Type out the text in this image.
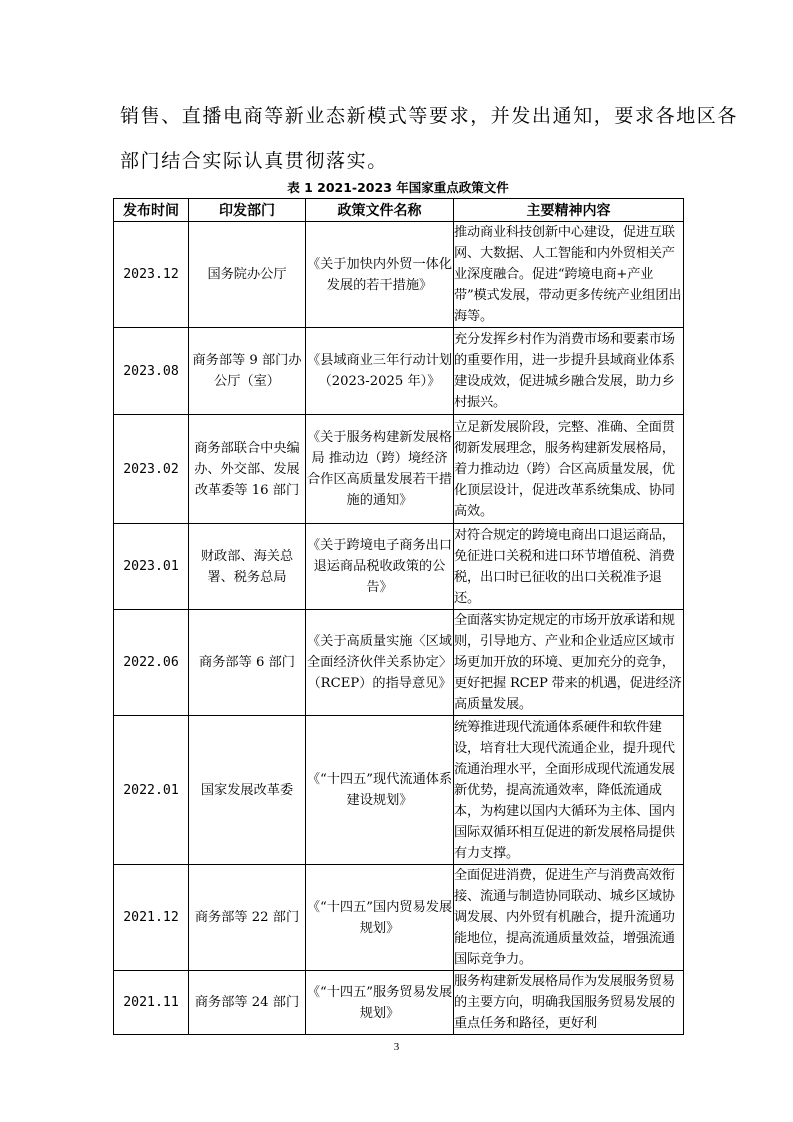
销售、直播电商等新业态新模式等要求，并发出通知，要求各地区各
部门结合实际认真贯彻落实。
表 1 2021-2023 年国家重点政策文件
发布时间	印发部门	政策文件名称	主要精神内容
2023.12	国务院办公厅	《关于加快内外贸一体化发展的若干措施》	推动商业科技创新中心建设，促进互联网、大数据、人工智能和内外贸相关产业深度融合。促进“跨境电商+产业带”模式发展，带动更多传统产业组团出海等。
2023.08	商务部等 9 部门办公厅（室）	《县域商业三年行动计划（2023-2025 年）》	充分发挥乡村作为消费市场和要素市场的重要作用，进一步提升县域商业体系建设成效，促进城乡融合发展，助力乡村振兴。
2023.02	商务部联合中央编办、外交部、发展改革委等 16 部门	《关于服务构建新发展格局 推动边（跨）境经济合作区高质量发展若干措施的通知》	立足新发展阶段，完整、准确、全面贯彻新发展理念，服务构建新发展格局，着力推动边（跨）合区高质量发展，优化顶层设计，促进改革系统集成、协同高效。
2023.01	财政部、海关总署、税务总局	《关于跨境电子商务出口退运商品税收政策的公告》	对符合规定的跨境电商出口退运商品，免征进口关税和进口环节增值税、消费税，出口时已征收的出口关税准予退还。
2022.06	商务部等 6 部门	《关于高质量实施〈区域全面经济伙伴关系协定〉（RCEP）的指导意见》	全面落实协定规定的市场开放承诺和规则，引导地方、产业和企业适应区域市场更加开放的环境、更加充分的竞争，更好把握 RCEP 带来的机遇，促进经济高质量发展。
2022.01	国家发展改革委	《“十四五”现代流通体系建设规划》	统筹推进现代流通体系硬件和软件建设，培育壮大现代流通企业，提升现代流通治理水平，全面形成现代流通发展新优势，提高流通效率，降低流通成本，为构建以国内大循环为主体、国内国际双循环相互促进的新发展格局提供有力支撑。
2021.12	商务部等 22 部门	《“十四五”国内贸易发展规划》	全面促进消费，促进生产与消费高效衔接、流通与制造协同联动、城乡区域协调发展、内外贸有机融合，提升流通功能地位，提高流通质量效益，增强流通国际竞争力。
2021.11	商务部等 24 部门	《“十四五”服务贸易发展规划》	服务构建新发展格局作为发展服务贸易的主要方向，明确我国服务贸易发展的重点任务和路径，更好利
3
